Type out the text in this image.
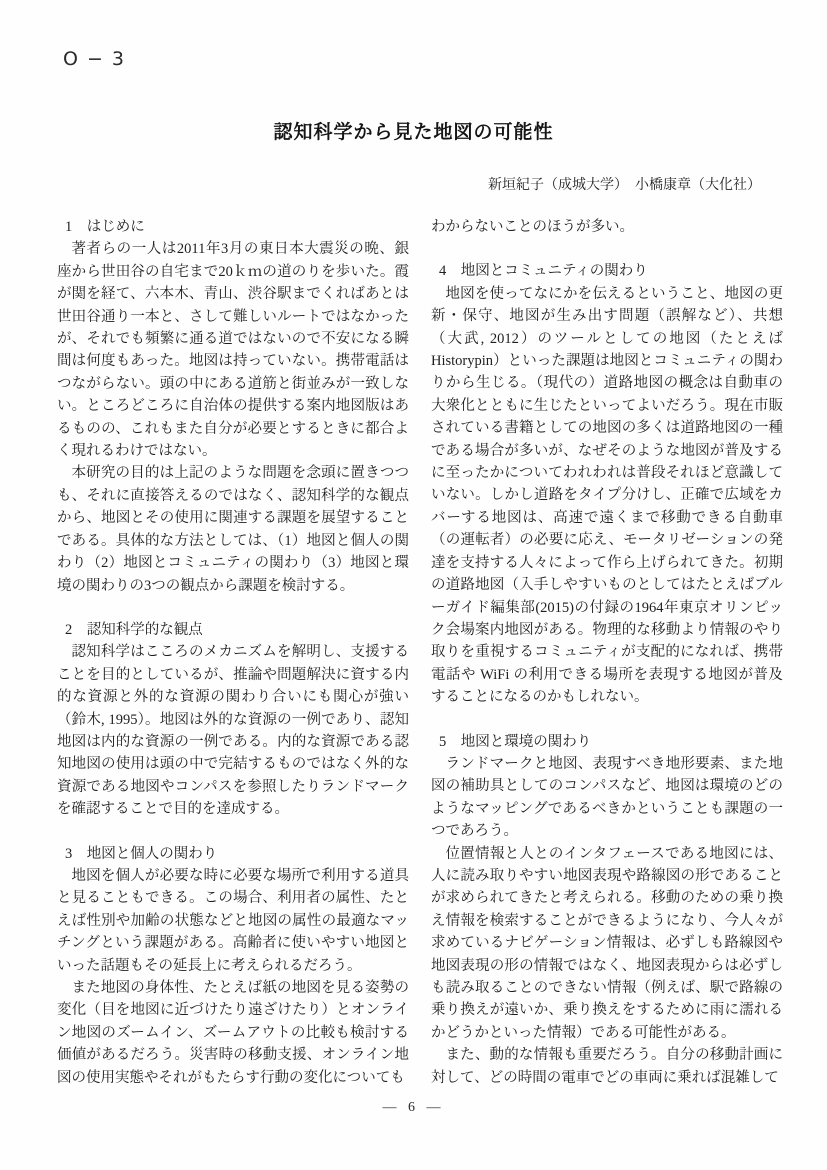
O−3
認知科学から見た地図の可能性
新垣紀子（成城大学）　小橋康章（大化社）
1　はじめに

著者らの一人は2011年3月の東日本大震災の晩、銀座から世田谷の自宅まで20ｋｍの道のりを歩いた。霞が関を経て、六本木、青山、渋谷駅までくればあとは世田谷通り一本と、さして難しいルートではなかったが、それでも頻繁に通る道ではないので不安になる瞬間は何度もあった。地図は持っていない。携帯電話はつながらない。頭の中にある道筋と街並みが一致しない。ところどころに自治体の提供する案内地図版はあるものの、これもまた自分が必要とするときに都合よく現れるわけではない。

本研究の目的は上記のような問題を念頭に置きつつも、それに直接答えるのではなく、認知科学的な観点から、地図とその使用に関連する課題を展望することである。具体的な方法としては、（1）地図と個人の関わり（2）地図とコミュニティの関わり（3）地図と環境の関わりの3つの観点から課題を検討する。

2　認知科学的な観点

認知科学はこころのメカニズムを解明し、支援することを目的としているが、推論や問題解決に資する内的な資源と外的な資源の関わり合いにも関心が強い（鈴木, 1995）。地図は外的な資源の一例であり、認知地図は内的な資源の一例である。内的な資源である認知地図の使用は頭の中で完結するものではなく外的な資源である地図やコンパスを参照したりランドマークを確認することで目的を達成する。

3　地図と個人の関わり

地図を個人が必要な時に必要な場所で利用する道具と見ることもできる。この場合、利用者の属性、たとえば性別や加齢の状態などと地図の属性の最適なマッチングという課題がある。高齢者に使いやすい地図といった話題もその延長上に考えられるだろう。

また地図の身体性、たとえば紙の地図を見る姿勢の変化（目を地図に近づけたり遠ざけたり）とオンライン地図のズームイン、ズームアウトの比較も検討する価値があるだろう。災害時の移動支援、オンライン地図の使用実態やそれがもたらす行動の変化についても

わからないことのほうが多い。

4　地図とコミュニティの関わり

地図を使ってなにかを伝えるということ、地図の更新・保守、地図が生み出す問題（誤解など）、共想（大武, 2012）のツールとしての地図（たとえば Historypin）といった課題は地図とコミュニティの関わりから生じる。（現代の）道路地図の概念は自動車の大衆化とともに生じたといってよいだろう。現在市販されている書籍としての地図の多くは道路地図の一種である場合が多いが、なぜそのような地図が普及するに至ったかについてわれわれは普段それほど意識していない。しかし道路をタイプ分けし、正確で広域をカバーする地図は、高速で遠くまで移動できる自動車（の運転者）の必要に応え、モータリゼーションの発達を支持する人々によって作ら上げられてきた。初期の道路地図（入手しやすいものとしてはたとえばブルーガイド編集部(2015)の付録の1964年東京オリンピック会場案内地図がある。物理的な移動より情報のやり取りを重視するコミュニティが支配的になれば、携帯電話や WiFi の利用できる場所を表現する地図が普及することになるのかもしれない。

5　地図と環境の関わり

ランドマークと地図、表現すべき地形要素、また地図の補助具としてのコンパスなど、地図は環境のどのようなマッピングであるべきかということも課題の一つであろう。

位置情報と人とのインタフェースである地図には、人に読み取りやすい地図表現や路線図の形であることが求められてきたと考えられる。移動のための乗り換え情報を検索することができるようになり、今人々が求めているナビゲーション情報は、必ずしも路線図や地図表現の形の情報ではなく、地図表現からは必ずしも読み取ることのできない情報（例えば、駅で路線の乗り換えが遠いか、乗り換えをするために雨に濡れるかどうかといった情報）である可能性がある。

また、動的な情報も重要だろう。自分の移動計画に対して、どの時間の電車でどの車両に乗れば混雑して

— 6 —
